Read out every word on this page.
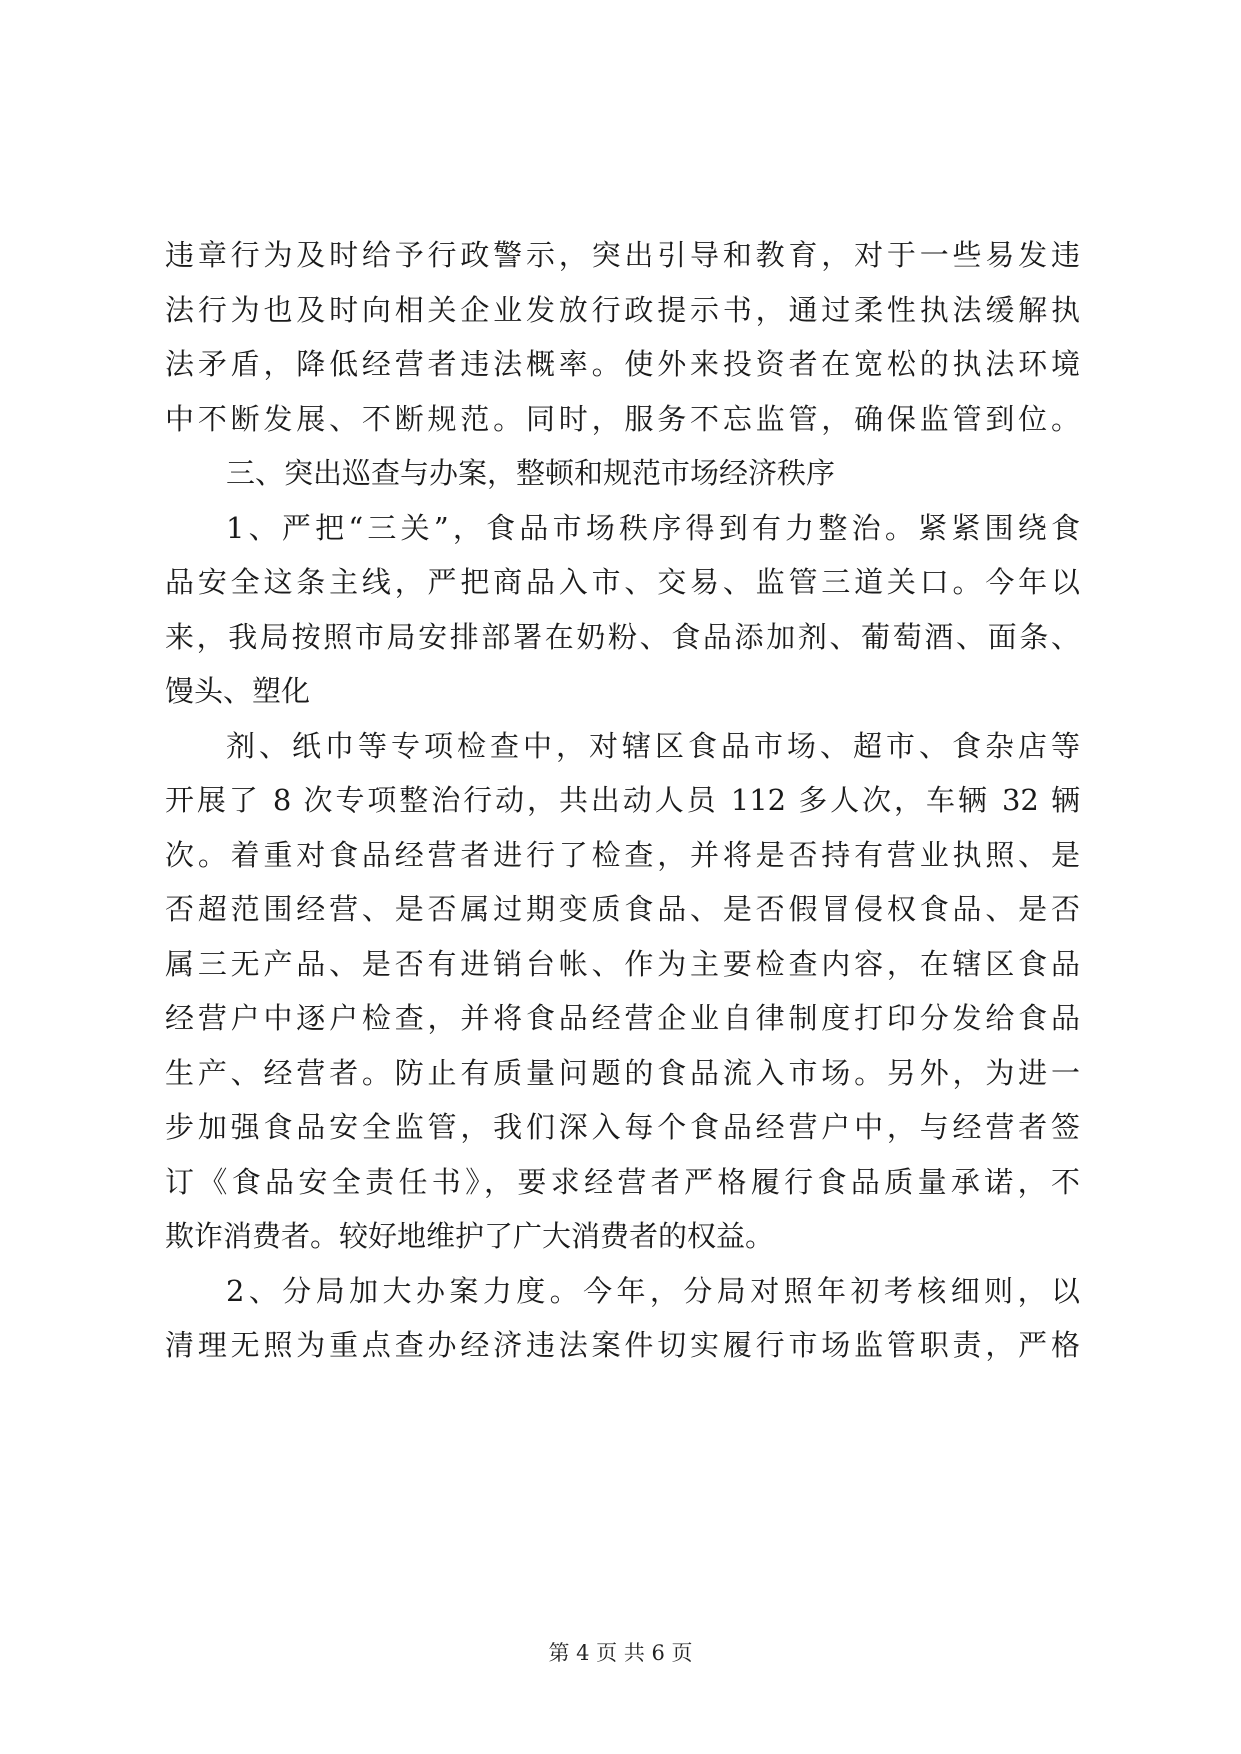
违章行为及时给予行政警示，突出引导和教育，对于一些易发违
法行为也及时向相关企业发放行政提示书，通过柔性执法缓解执
法矛盾，降低经营者违法概率。使外来投资者在宽松的执法环境
中不断发展、不断规范。同时，服务不忘监管，确保监管到位。
三、突出巡查与办案，整顿和规范市场经济秩序
1、严把“三关”，食品市场秩序得到有力整治。紧紧围绕食
品安全这条主线，严把商品入市、交易、监管三道关口。今年以
来，我局按照市局安排部署在奶粉、食品添加剂、葡萄酒、面条、
馒头、塑化
剂、纸巾等专项检查中，对辖区食品市场、超市、食杂店等
开展了 8 次专项整治行动，共出动人员 112 多人次，车辆 32 辆
次。着重对食品经营者进行了检查，并将是否持有营业执照、是
否超范围经营、是否属过期变质食品、是否假冒侵权食品、是否
属三无产品、是否有进销台帐、作为主要检查内容，在辖区食品
经营户中逐户检查，并将食品经营企业自律制度打印分发给食品
生产、经营者。防止有质量问题的食品流入市场。另外，为进一
步加强食品安全监管，我们深入每个食品经营户中，与经营者签
订《食品安全责任书》，要求经营者严格履行食品质量承诺，不
欺诈消费者。较好地维护了广大消费者的权益。
2、分局加大办案力度。今年，分局对照年初考核细则，以
清理无照为重点查办经济违法案件切实履行市场监管职责，严格
第 4 页 共 6 页
